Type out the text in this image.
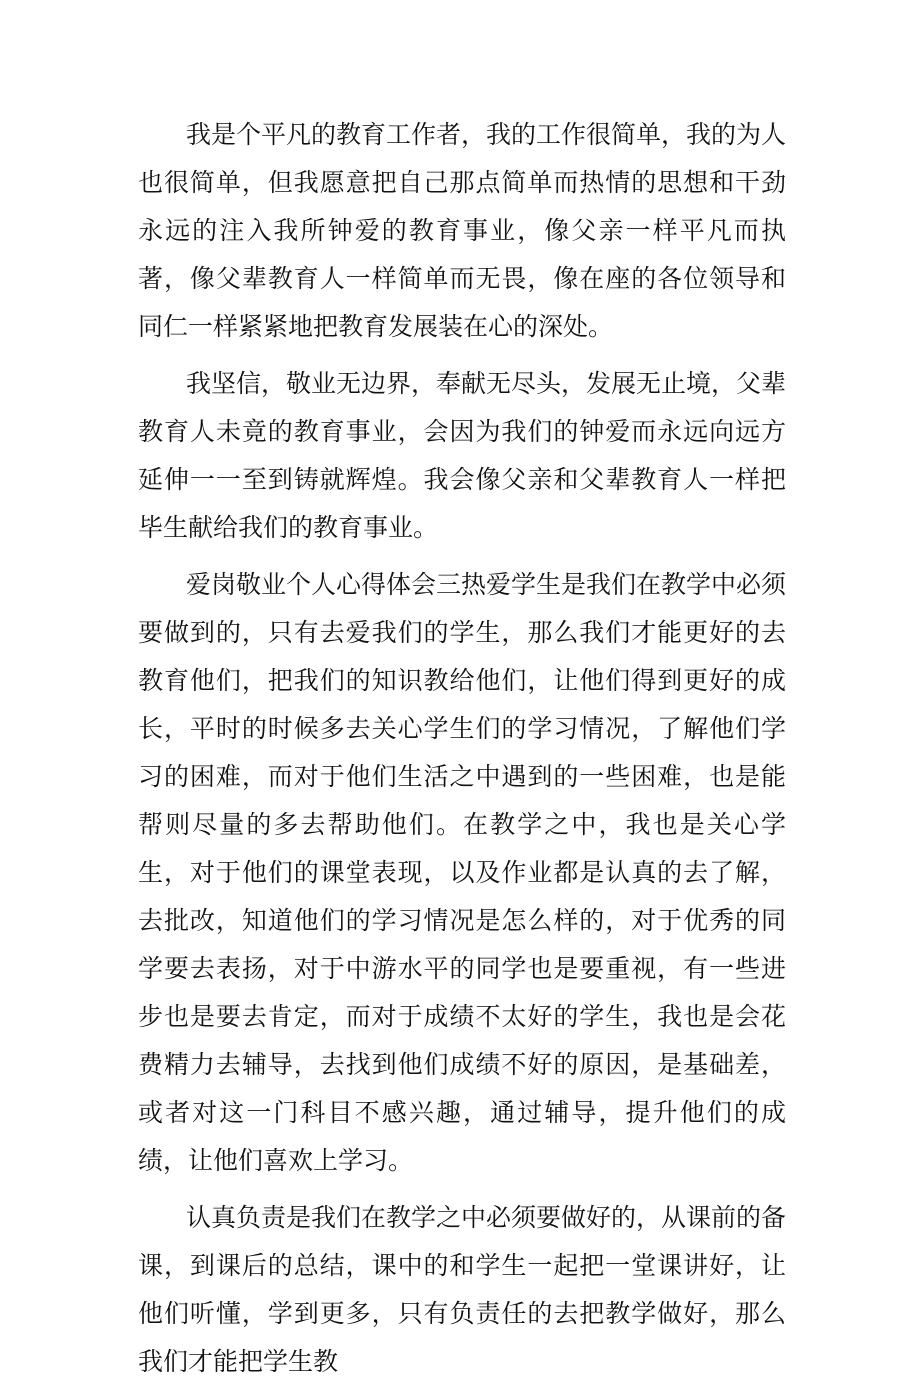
我是个平凡的教育工作者，我的工作很简单，我的为人也很简单，但我愿意把自己那点简单而热情的思想和干劲永远的注入我所钟爱的教育事业，像父亲一样平凡而执著，像父辈教育人一样简单而无畏，像在座的各位领导和同仁一样紧紧地把教育发展装在心的深处。

我坚信，敬业无边界，奉献无尽头，发展无止境，父辈教育人未竟的教育事业，会因为我们的钟爱而永远向远方延伸一一至到铸就辉煌。我会像父亲和父辈教育人一样把毕生献给我们的教育事业。

爱岗敬业个人心得体会三热爱学生是我们在教学中必须要做到的，只有去爱我们的学生，那么我们才能更好的去教育他们，把我们的知识教给他们，让他们得到更好的成长，平时的时候多去关心学生们的学习情况，了解他们学习的困难，而对于他们生活之中遇到的一些困难，也是能帮则尽量的多去帮助他们。在教学之中，我也是关心学生，对于他们的课堂表现，以及作业都是认真的去了解，去批改，知道他们的学习情况是怎么样的，对于优秀的同学要去表扬，对于中游水平的同学也是要重视，有一些进步也是要去肯定，而对于成绩不太好的学生，我也是会花费精力去辅导，去找到他们成绩不好的原因，是基础差，或者对这一门科目不感兴趣，通过辅导，提升他们的成绩，让他们喜欢上学习。

认真负责是我们在教学之中必须要做好的，从课前的备课，到课后的总结，课中的和学生一起把一堂课讲好，让他们听懂，学到更多，只有负责任的去把教学做好，那么我们才能把学生教
